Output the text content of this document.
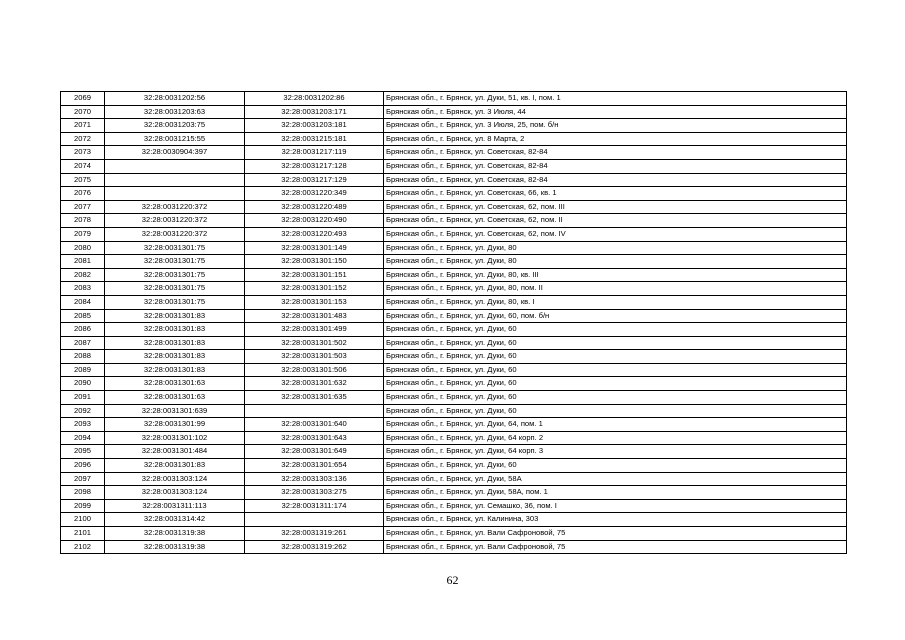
2069	32:28:0031202:56	32:28:0031202:86	Брянская обл., г. Брянск, ул. Дуки, 51, кв. I, пом. 1
2070	32:28:0031203:63	32:28:0031203:171	Брянская обл., г. Брянск, ул. 3 Июля, 44
2071	32:28:0031203:75	32:28:0031203:181	Брянская обл., г. Брянск, ул. 3 Июля, 25, пом. б/н
2072	32:28:0031215:55	32:28:0031215:181	Брянская обл., г. Брянск, ул. 8 Марта, 2
2073	32:28:0030904:397	32:28:0031217:119	Брянская обл., г. Брянск, ул. Советская, 82-84
2074		32:28:0031217:128	Брянская обл., г. Брянск, ул. Советская, 82-84
2075		32:28:0031217:129	Брянская обл., г. Брянск, ул. Советская, 82-84
2076		32:28:0031220:349	Брянская обл., г. Брянск, ул. Советская, 66, кв. 1
2077	32:28:0031220:372	32:28:0031220:489	Брянская обл., г. Брянск, ул. Советская, 62, пом. III
2078	32:28:0031220:372	32:28:0031220:490	Брянская обл., г. Брянск, ул. Советская, 62, пом. II
2079	32:28:0031220:372	32:28:0031220:493	Брянская обл., г. Брянск, ул. Советская, 62, пом. IV
2080	32:28:0031301:75	32:28:0031301:149	Брянская обл., г. Брянск, ул. Дуки, 80
2081	32:28:0031301:75	32:28:0031301:150	Брянская обл., г. Брянск, ул. Дуки, 80
2082	32:28:0031301:75	32:28:0031301:151	Брянская обл., г. Брянск, ул. Дуки, 80, кв. III
2083	32:28:0031301:75	32:28:0031301:152	Брянская обл., г. Брянск, ул. Дуки, 80, пом. II
2084	32:28:0031301:75	32:28:0031301:153	Брянская обл., г. Брянск, ул. Дуки, 80, кв. I
2085	32:28:0031301:83	32:28:0031301:483	Брянская обл., г. Брянск, ул. Дуки, 60, пом. б/н
2086	32:28:0031301:83	32:28:0031301:499	Брянская обл., г. Брянск, ул. Дуки, 60
2087	32:28:0031301:83	32:28:0031301:502	Брянская обл., г. Брянск, ул. Дуки, 60
2088	32:28:0031301:83	32:28:0031301:503	Брянская обл., г. Брянск, ул. Дуки, 60
2089	32:28:0031301:83	32:28:0031301:506	Брянская обл., г. Брянск, ул. Дуки, 60
2090	32:28:0031301:63	32:28:0031301:632	Брянская обл., г. Брянск, ул. Дуки, 60
2091	32:28:0031301:63	32:28:0031301:635	Брянская обл., г. Брянск, ул. Дуки, 60
2092	32:28:0031301:639		Брянская обл., г. Брянск, ул. Дуки, 60
2093	32:28:0031301:99	32:28:0031301:640	Брянская обл., г. Брянск, ул. Дуки, 64, пом. 1
2094	32:28:0031301:102	32:28:0031301:643	Брянская обл., г. Брянск, ул. Дуки, 64 корп. 2
2095	32:28:0031301:484	32:28:0031301:649	Брянская обл., г. Брянск, ул. Дуки, 64 корп. 3
2096	32:28:0031301:83	32:28:0031301:654	Брянская обл., г. Брянск, ул. Дуки, 60
2097	32:28:0031303:124	32:28:0031303:136	Брянская обл., г. Брянск, ул. Дуки, 58А
2098	32:28:0031303:124	32:28:0031303:275	Брянская обл., г. Брянск, ул. Дуки, 58А, пом. 1
2099	32:28:0031311:113	32:28:0031311:174	Брянская обл., г. Брянск, ул. Семашко, 36, пом. I
2100	32:28:0031314:42		Брянская обл., г. Брянск, ул. Калинина, 303
2101	32:28:0031319:38	32:28:0031319:261	Брянская обл., г. Брянск, ул. Вали Сафроновой, 75
2102	32:28:0031319:38	32:28:0031319:262	Брянская обл., г. Брянск, ул. Вали Сафроновой, 75
62
